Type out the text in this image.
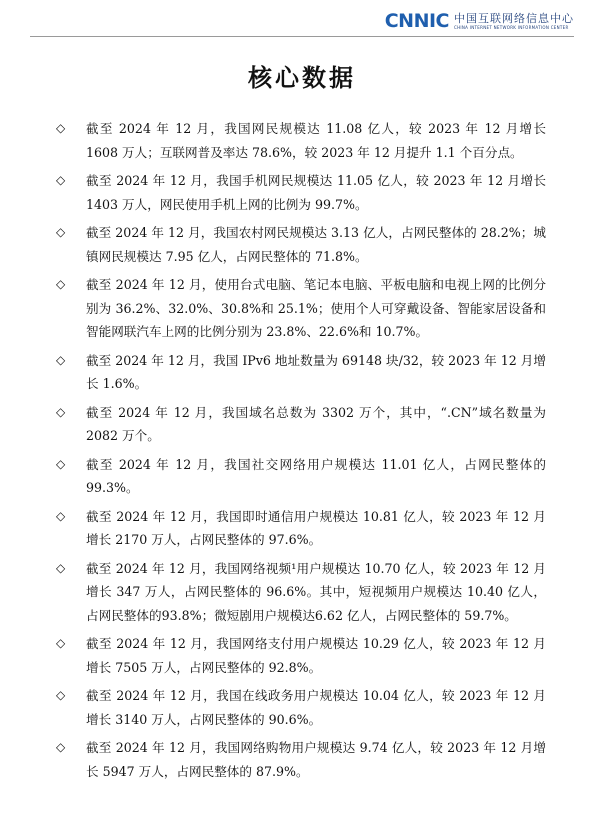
CNNIC 中国互联网络信息中心
CHINA INTERNET NETWORK INFORMATION CENTER
核心数据
◇ 截至 2024 年 12 月，我国网民规模达 11.08 亿人，较 2023 年 12 月增长 1608 万人；互联网普及率达 78.6%，较 2023 年 12 月提升 1.1 个百分点。
◇ 截至 2024 年 12 月，我国手机网民规模达 11.05 亿人，较 2023 年 12 月增长 1403 万人，网民使用手机上网的比例为 99.7%。
◇ 截至 2024 年 12 月，我国农村网民规模达 3.13 亿人，占网民整体的 28.2%；城镇网民规模达 7.95 亿人，占网民整体的 71.8%。
◇ 截至 2024 年 12 月，使用台式电脑、笔记本电脑、平板电脑和电视上网的比例分别为 36.2%、32.0%、30.8%和 25.1%；使用个人可穿戴设备、智能家居设备和智能网联汽车上网的比例分别为 23.8%、22.6%和 10.7%。
◇ 截至 2024 年 12 月，我国 IPv6 地址数量为 69148 块/32，较 2023 年 12 月增长 1.6%。
◇ 截至 2024 年 12 月，我国域名总数为 3302 万个，其中，“.CN”域名数量为 2082 万个。
◇ 截至 2024 年 12 月，我国社交网络用户规模达 11.01 亿人，占网民整体的 99.3%。
◇ 截至 2024 年 12 月，我国即时通信用户规模达 10.81 亿人，较 2023 年 12 月增长 2170 万人，占网民整体的 97.6%。
◇ 截至 2024 年 12 月，我国网络视频¹用户规模达 10.70 亿人，较 2023 年 12 月增长 347 万人，占网民整体的 96.6%。其中，短视频用户规模达 10.40 亿人，占网民整体的93.8%；微短剧用户规模达6.62 亿人，占网民整体的 59.7%。
◇ 截至 2024 年 12 月，我国网络支付用户规模达 10.29 亿人，较 2023 年 12 月增长 7505 万人，占网民整体的 92.8%。
◇ 截至 2024 年 12 月，我国在线政务用户规模达 10.04 亿人，较 2023 年 12 月增长 3140 万人，占网民整体的 90.6%。
◇ 截至 2024 年 12 月，我国网络购物用户规模达 9.74 亿人，较 2023 年 12 月增长 5947 万人，占网民整体的 87.9%。
